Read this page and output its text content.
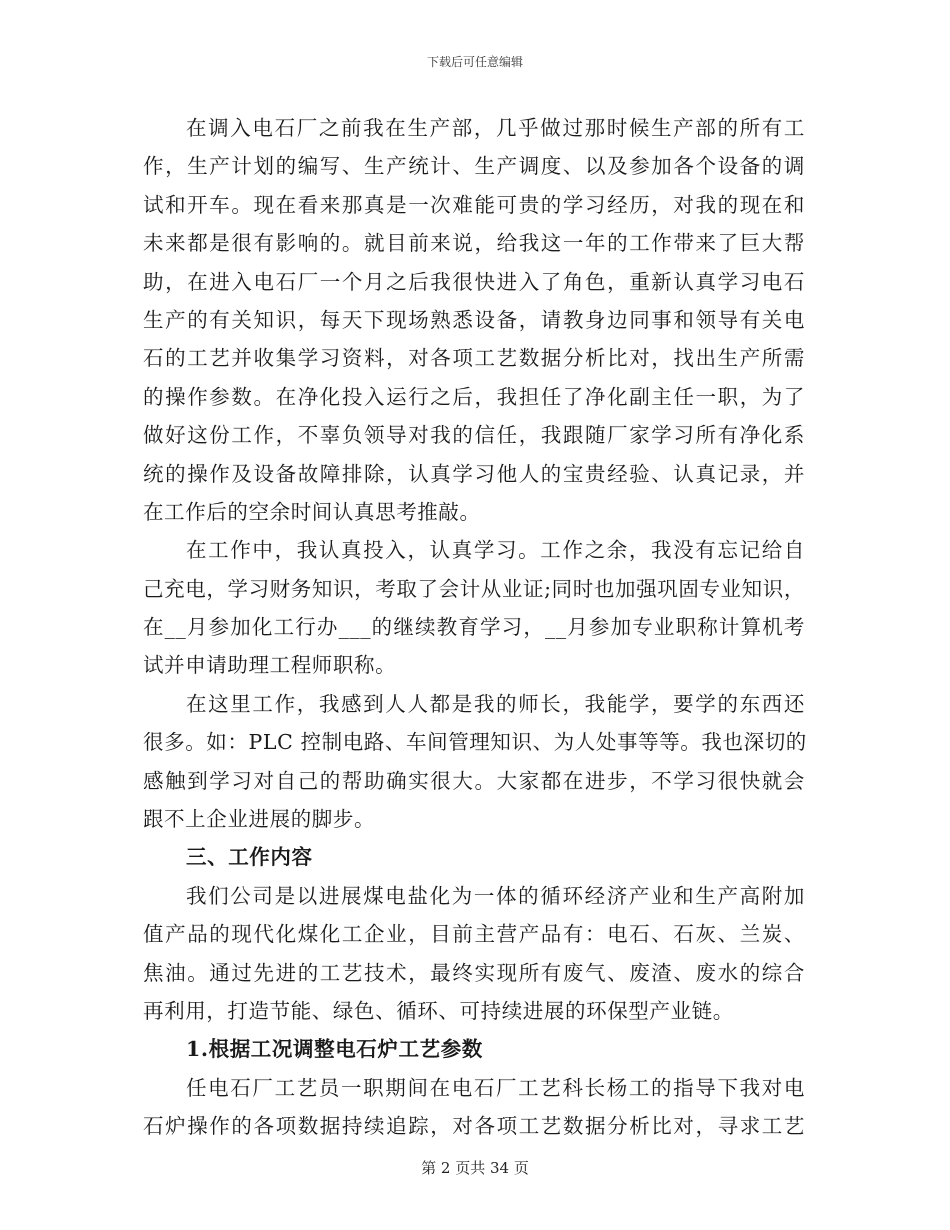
下载后可任意编辑
在调入电石厂之前我在生产部，几乎做过那时候生产部的所有工
作，生产计划的编写、生产统计、生产调度、以及参加各个设备的调
试和开车。现在看来那真是一次难能可贵的学习经历，对我的现在和
未来都是很有影响的。就目前来说，给我这一年的工作带来了巨大帮
助，在进入电石厂一个月之后我很快进入了角色，重新认真学习电石
生产的有关知识，每天下现场熟悉设备，请教身边同事和领导有关电
石的工艺并收集学习资料，对各项工艺数据分析比对，找出生产所需
的操作参数。在净化投入运行之后，我担任了净化副主任一职，为了
做好这份工作，不辜负领导对我的信任，我跟随厂家学习所有净化系
统的操作及设备故障排除，认真学习他人的宝贵经验、认真记录，并
在工作后的空余时间认真思考推敲。
在工作中，我认真投入，认真学习。工作之余，我没有忘记给自
己充电，学习财务知识，考取了会计从业证;同时也加强巩固专业知识，
在__月参加化工行办___的继续教育学习，__月参加专业职称计算机考
试并申请助理工程师职称。
在这里工作，我感到人人都是我的师长，我能学，要学的东西还
很多。如：PLC 控制电路、车间管理知识、为人处事等等。我也深切的
感触到学习对自己的帮助确实很大。大家都在进步，不学习很快就会
跟不上企业进展的脚步。
三、工作内容
我们公司是以进展煤电盐化为一体的循环经济产业和生产高附加
值产品的现代化煤化工企业，目前主营产品有：电石、石灰、兰炭、
焦油。通过先进的工艺技术，最终实现所有废气、废渣、废水的综合
再利用，打造节能、绿色、循环、可持续进展的环保型产业链。
1.根据工况调整电石炉工艺参数
任电石厂工艺员一职期间在电石厂工艺科长杨工的指导下我对电
石炉操作的各项数据持续追踪，对各项工艺数据分析比对，寻求工艺
第 2 页共 34 页
